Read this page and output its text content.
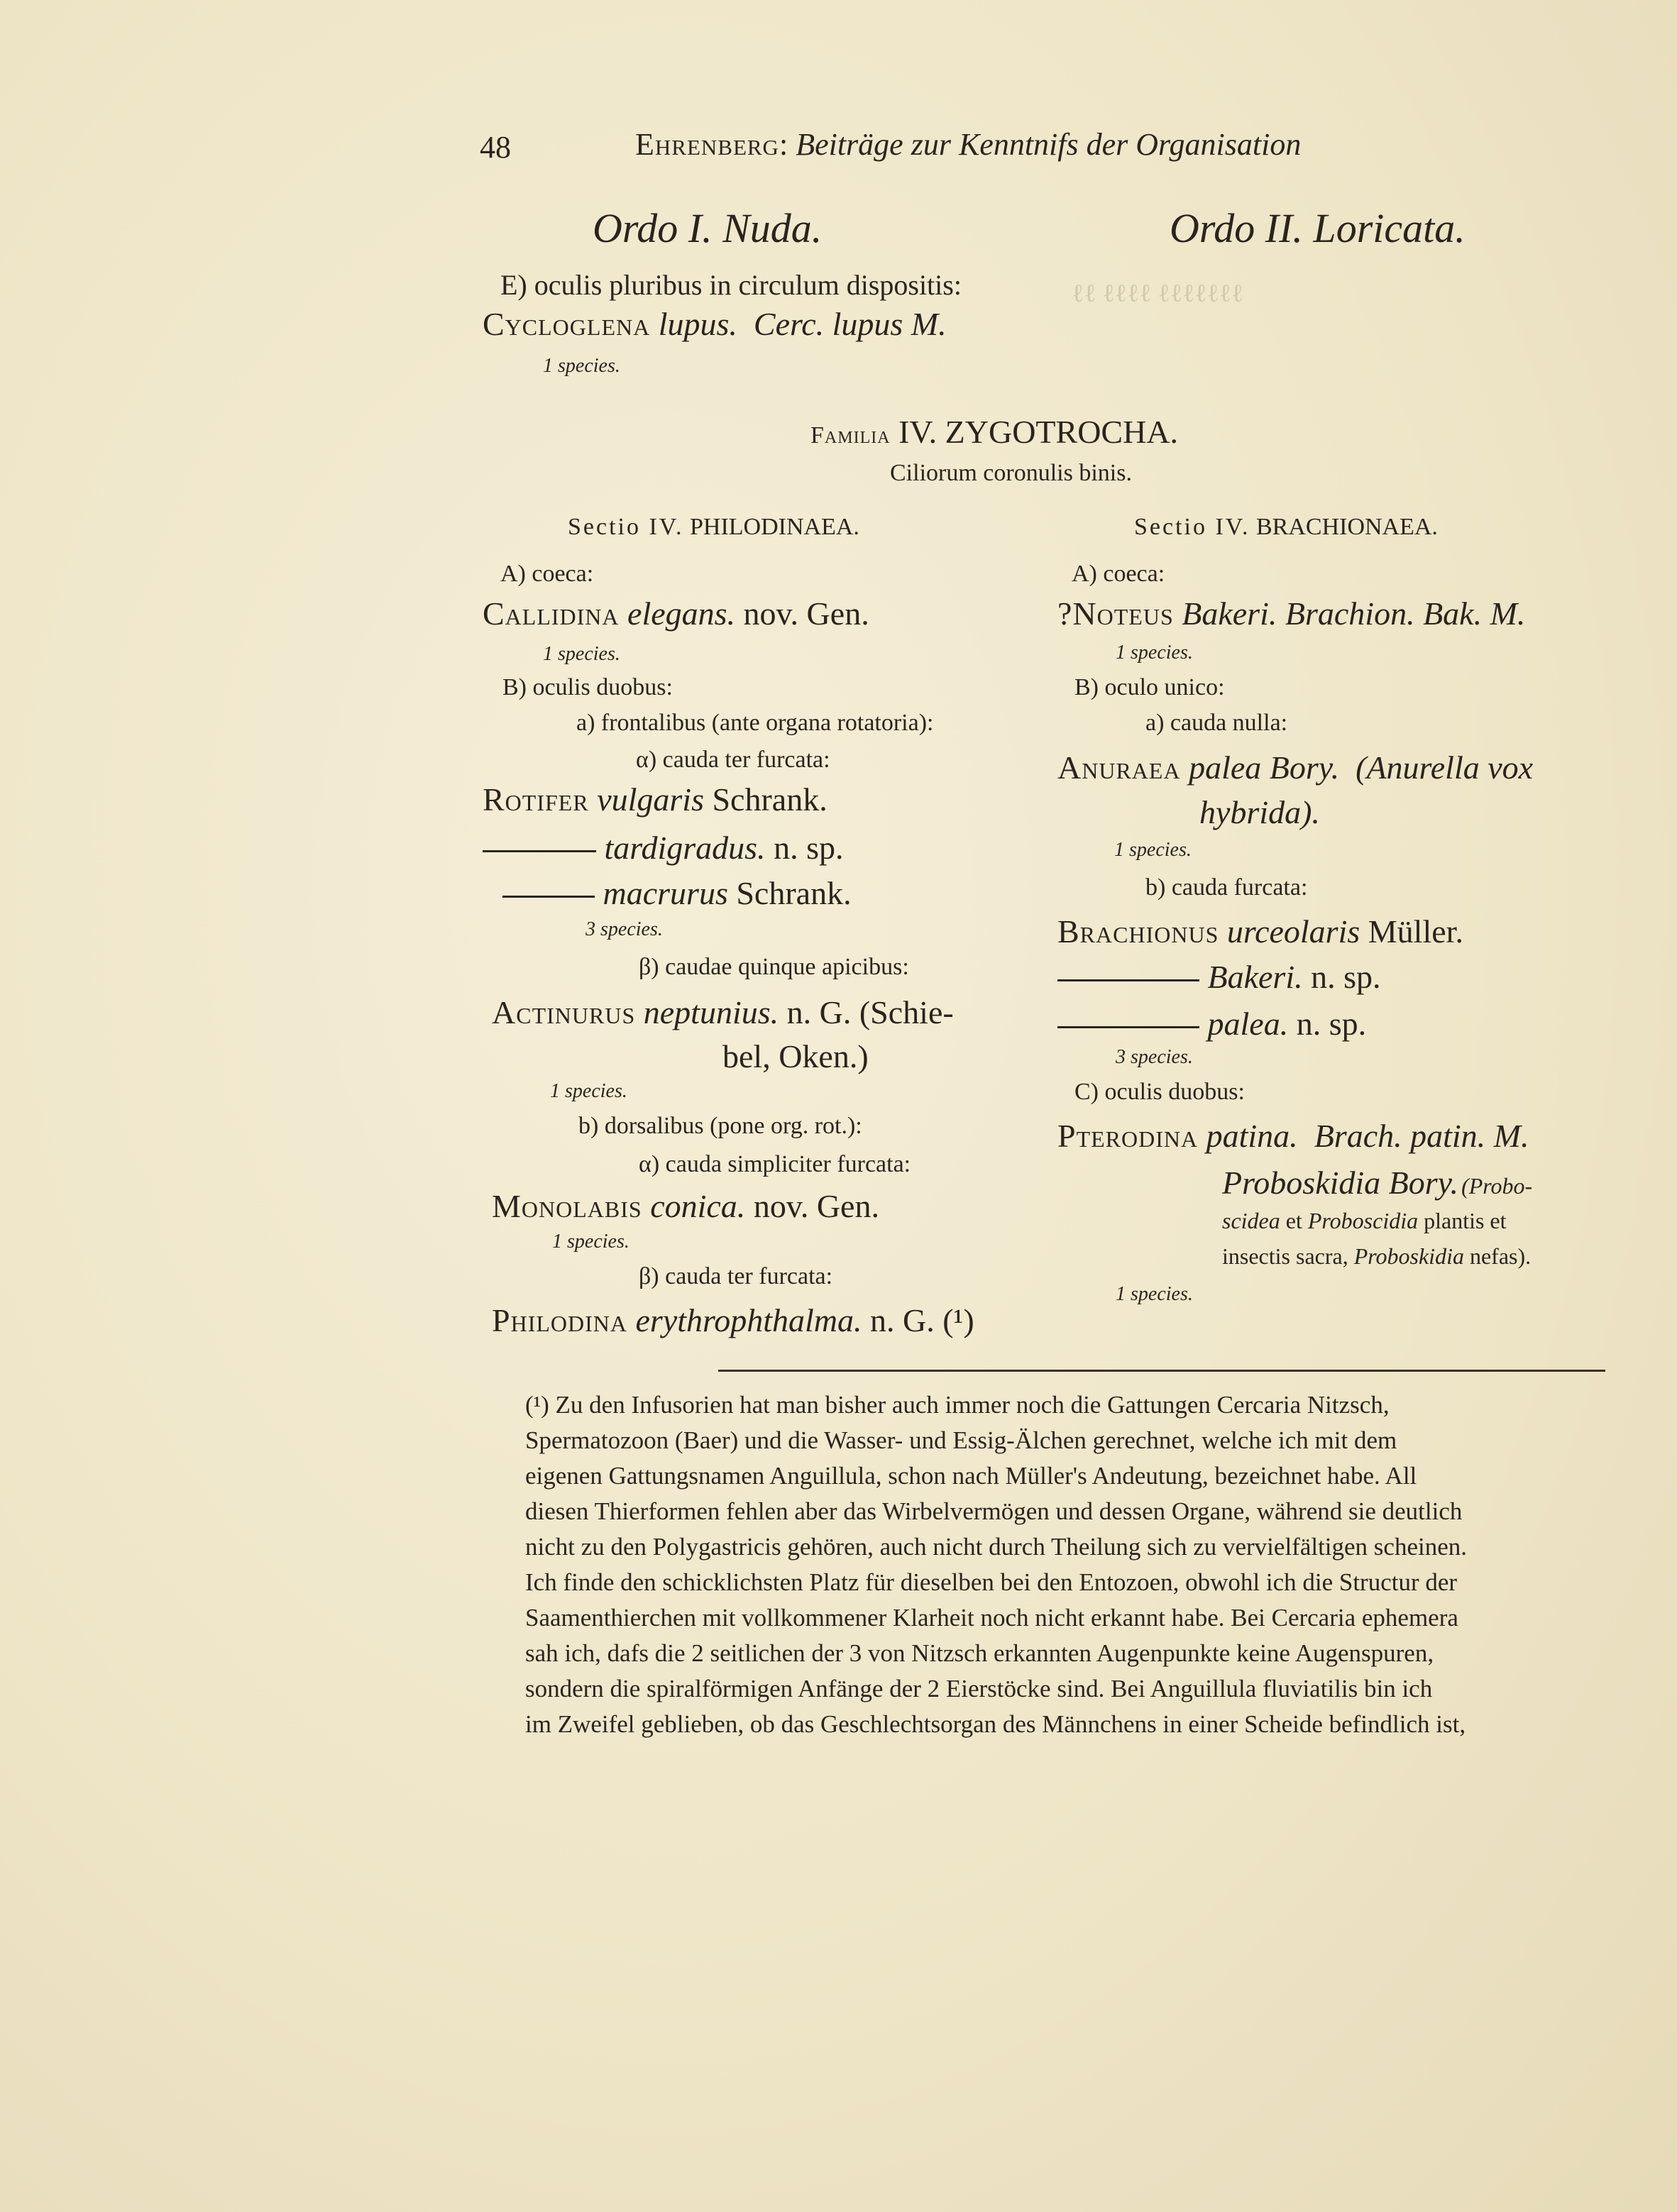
48	Ehrenberg: Beiträge zur Kenntnifs der Organisation
Ordo I. Nuda.	Ordo II. Loricata.
E) oculis pluribus in circulum dispositis:
Cycloglena lupus. Cerc. lupus M.
1 species.
ℓℓ ℓℓℓℓ ℓℓℓℓℓℓℓ
Familia IV. ZYGOTROCHA.
Ciliorum coronulis binis.
Sectio IV. PHILODINAEA.
A) coeca:
Callidina elegans. nov. Gen.
1 species.
B) oculis duobus:
a) frontalibus (ante organa rotatoria):
α) cauda ter furcata:
Rotifer vulgaris Schrank.
tardigradus. n. sp.
macrurus Schrank.
3 species.
β) caudae quinque apicibus:
Actinurus neptunius. n. G. (Schie-
bel, Oken.)
1 species.
b) dorsalibus (pone org. rot.):
α) cauda simpliciter furcata:
Monolabis conica. nov. Gen.
1 species.
β) cauda ter furcata:
Philodina erythrophthalma. n. G. (¹)
Sectio IV. BRACHIONAEA.
A) coeca:
?Noteus Bakeri. Brachion. Bak. M.
1 species.
B) oculo unico:
a) cauda nulla:
Anuraea palea Bory. (Anurella vox
hybrida).
1 species.
b) cauda furcata:
Brachionus urceolaris Müller.
Bakeri. n. sp.
palea. n. sp.
3 species.
C) oculis duobus:
Pterodina patina. Brach. patin. M.
Proboskidia Bory. (Probo-
scidea et Proboscidia plantis et
insectis sacra, Proboskidia nefas).
1 species.

(¹) Zu den Infusorien hat man bisher auch immer noch die Gattungen Cercaria Nitzsch,

Spermatozoon (Baer) und die Wasser- und Essig-Älchen gerechnet, welche ich mit dem

eigenen Gattungsnamen Anguillula, schon nach Müller's Andeutung, bezeichnet habe. All

diesen Thierformen fehlen aber das Wirbelvermögen und dessen Organe, während sie deutlich

nicht zu den Polygastricis gehören, auch nicht durch Theilung sich zu vervielfältigen scheinen.

Ich finde den schicklichsten Platz für dieselben bei den Entozoen, obwohl ich die Structur der

Saamenthierchen mit vollkommener Klarheit noch nicht erkannt habe. Bei Cercaria ephemera

sah ich, dafs die 2 seitlichen der 3 von Nitzsch erkannten Augenpunkte keine Augenspuren,

sondern die spiralförmigen Anfänge der 2 Eierstöcke sind. Bei Anguillula fluviatilis bin ich

im Zweifel geblieben, ob das Geschlechtsorgan des Männchens in einer Scheide befindlich ist,
